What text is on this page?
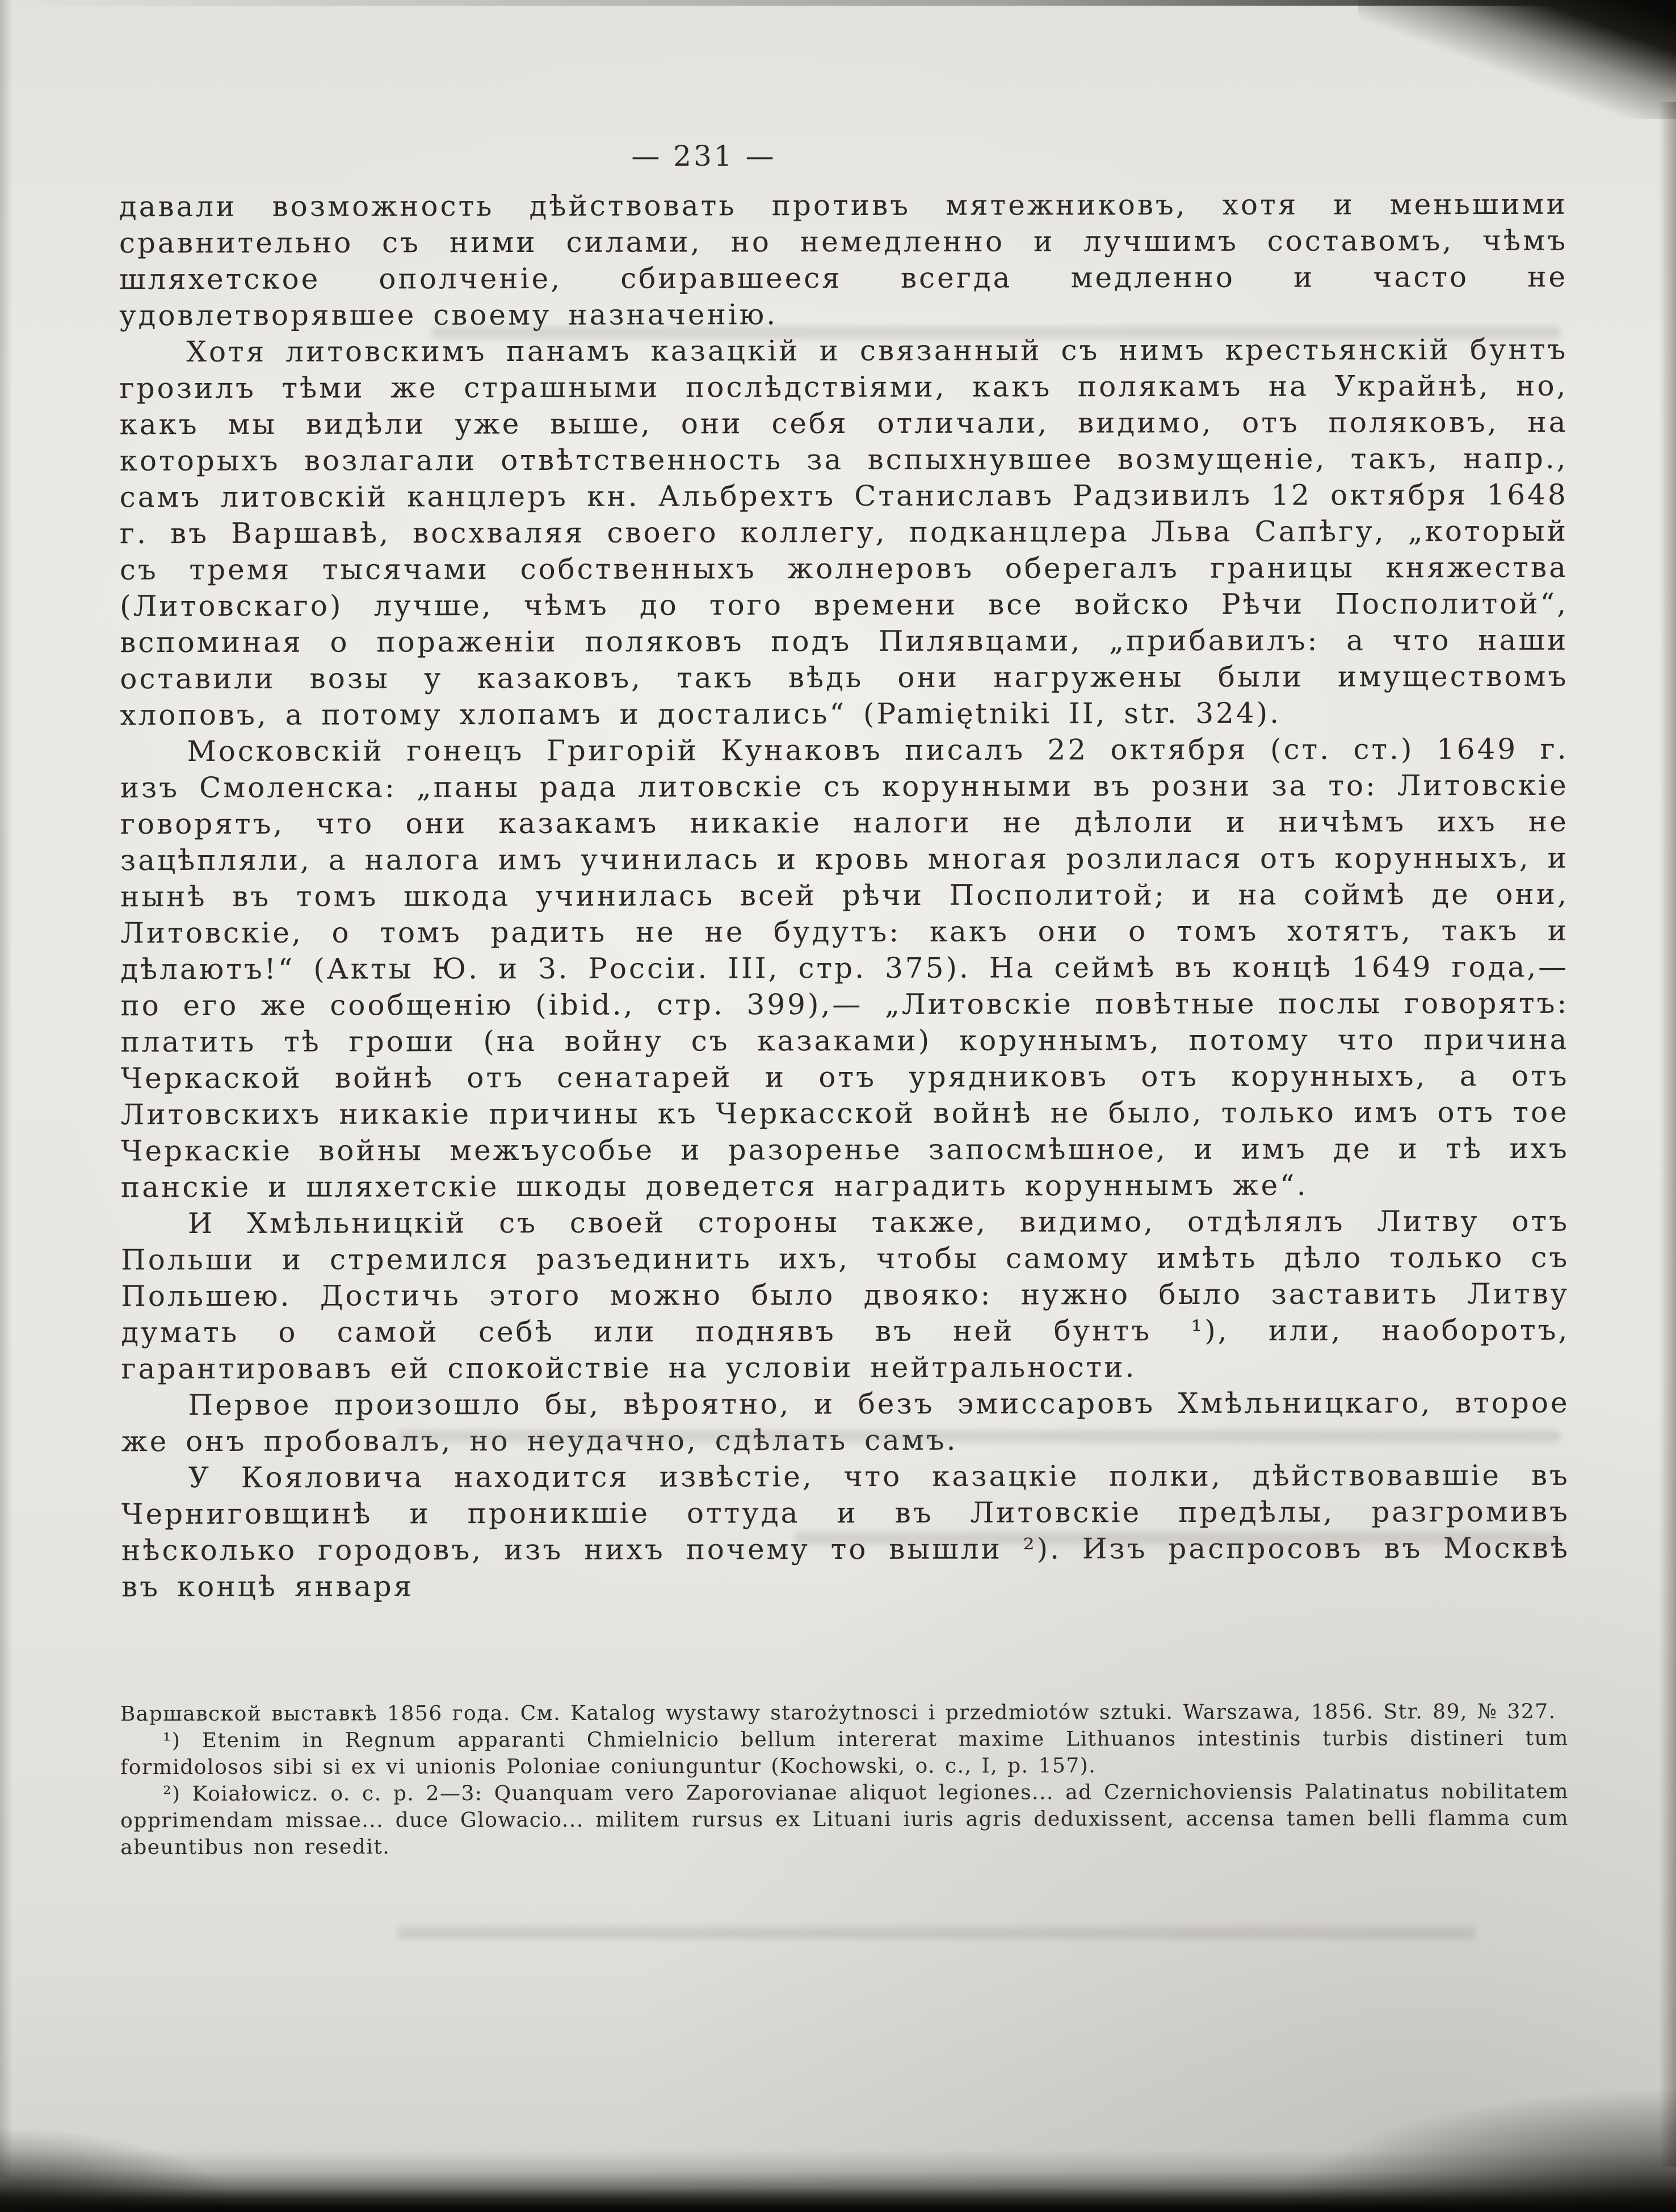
— 231 —

давали возможность дѣйствовать противъ мятежниковъ, хотя и меньшими сравнительно съ ними силами, но немедленно и лучшимъ составомъ, чѣмъ шляхетское ополченіе, сбиравшееся всегда медленно и часто не удовлетворявшее своему назначенію.

Хотя литовскимъ панамъ казацкій и связанный съ нимъ крестьянскій бунтъ грозилъ тѣми же страшными послѣдствіями, какъ полякамъ на Украйнѣ, но, какъ мы видѣли уже выше, они себя отличали, видимо, отъ поляковъ, на которыхъ возлагали отвѣтственность за вспыхнувшее возмущеніе, такъ, напр., самъ литовскій канцлеръ кн. Альбрехтъ Станиславъ Радзивилъ 12 октября 1648 г. въ Варшавѣ, восхваляя своего коллегу, подканцлера Льва Сапѣгу, „который съ тремя тысячами собственныхъ жолнеровъ оберегалъ границы княжества (Литовскаго) лучше, чѣмъ до того времени все войско Рѣчи Посполитой“, вспоминая о пораженіи поляковъ подъ Пилявцами, „прибавилъ: а что наши оставили возы у казаковъ, такъ вѣдь они нагружены были имуществомъ хлоповъ, а потому хлопамъ и достались“ (Pamiętniki II, str. 324).

Московскій гонецъ Григорій Кунаковъ писалъ 22 октября (ст. ст.) 1649 г. изъ Смоленска: „паны рада литовскіе съ корунными въ розни за то: Литовскіе говорятъ, что они казакамъ никакіе налоги не дѣлоли и ничѣмъ ихъ не зацѣпляли, а налога имъ учинилась и кровь многая розлилася отъ корунныхъ, и нынѣ въ томъ шкода учинилась всей рѣчи Посполитой; и на соймѣ де они, Литовскіе, о томъ радить не не будутъ: какъ они о томъ хотятъ, такъ и дѣлаютъ!“ (Акты Ю. и З. Россіи. III, стр. 375). На сеймѣ въ концѣ 1649 года,—по его же сообщенію (ibid., стр. 399),— „Литовскіе повѣтные послы говорятъ: платить тѣ гроши (на войну съ казаками) коруннымъ, потому что причина Черкаской войнѣ отъ сенатарей и отъ урядниковъ отъ корунныхъ, а отъ Литовскихъ никакіе причины къ Черкасской войнѣ не было, только имъ отъ тое Черкаскіе войны межъусобье и разоренье запосмѣшное, и имъ де и тѣ ихъ панскіе и шляхетскіе шкоды доведется наградить коруннымъ же“.

И Хмѣльницкій съ своей стороны также, видимо, отдѣлялъ Литву отъ Польши и стремился разъединить ихъ, чтобы самому имѣть дѣло только съ Польшею. Достичь этого можно было двояко: нужно было заставить Литву думать о самой себѣ или поднявъ въ ней бунтъ ¹), или, наоборотъ, гарантировавъ ей спокойствіе на условіи нейтральности.

Первое произошло бы, вѣроятно, и безъ эмиссаровъ Хмѣльницкаго, второе же онъ пробовалъ, но неудачно, сдѣлать самъ.

У Кояловича находится извѣстіе, что казацкіе полки, дѣйствовавшіе въ Черниговщинѣ и проникшіе оттуда и въ Литовскіе предѣлы, разгромивъ нѣсколько городовъ, изъ нихъ почему то вышли ²). Изъ распросовъ въ Москвѣ въ концѣ января

Варшавской выставкѣ 1856 года. См. Katalog wystawy starożytnosci i przedmiotów sztuki. Warszawa, 1856. Str. 89, № 327.

¹) Etenim in Regnum apparanti Chmielnicio bellum intererat maxime Lithuanos intestinis turbis distineri tum formidolosos sibi si ex vi unionis Poloniae coniunguntur (Kochowski, o. c., I, p. 157).

²) Koiałowicz. o. c. p. 2—3: Quanquam vero Zaporovianae aliquot legiones... ad Czernichoviensis Palatinatus nobilitatem opprimendam missae... duce Glowacio... militem rursus ex Lituani iuris agris deduxissent, accensa tamen belli flamma cum abeuntibus non resedit.
